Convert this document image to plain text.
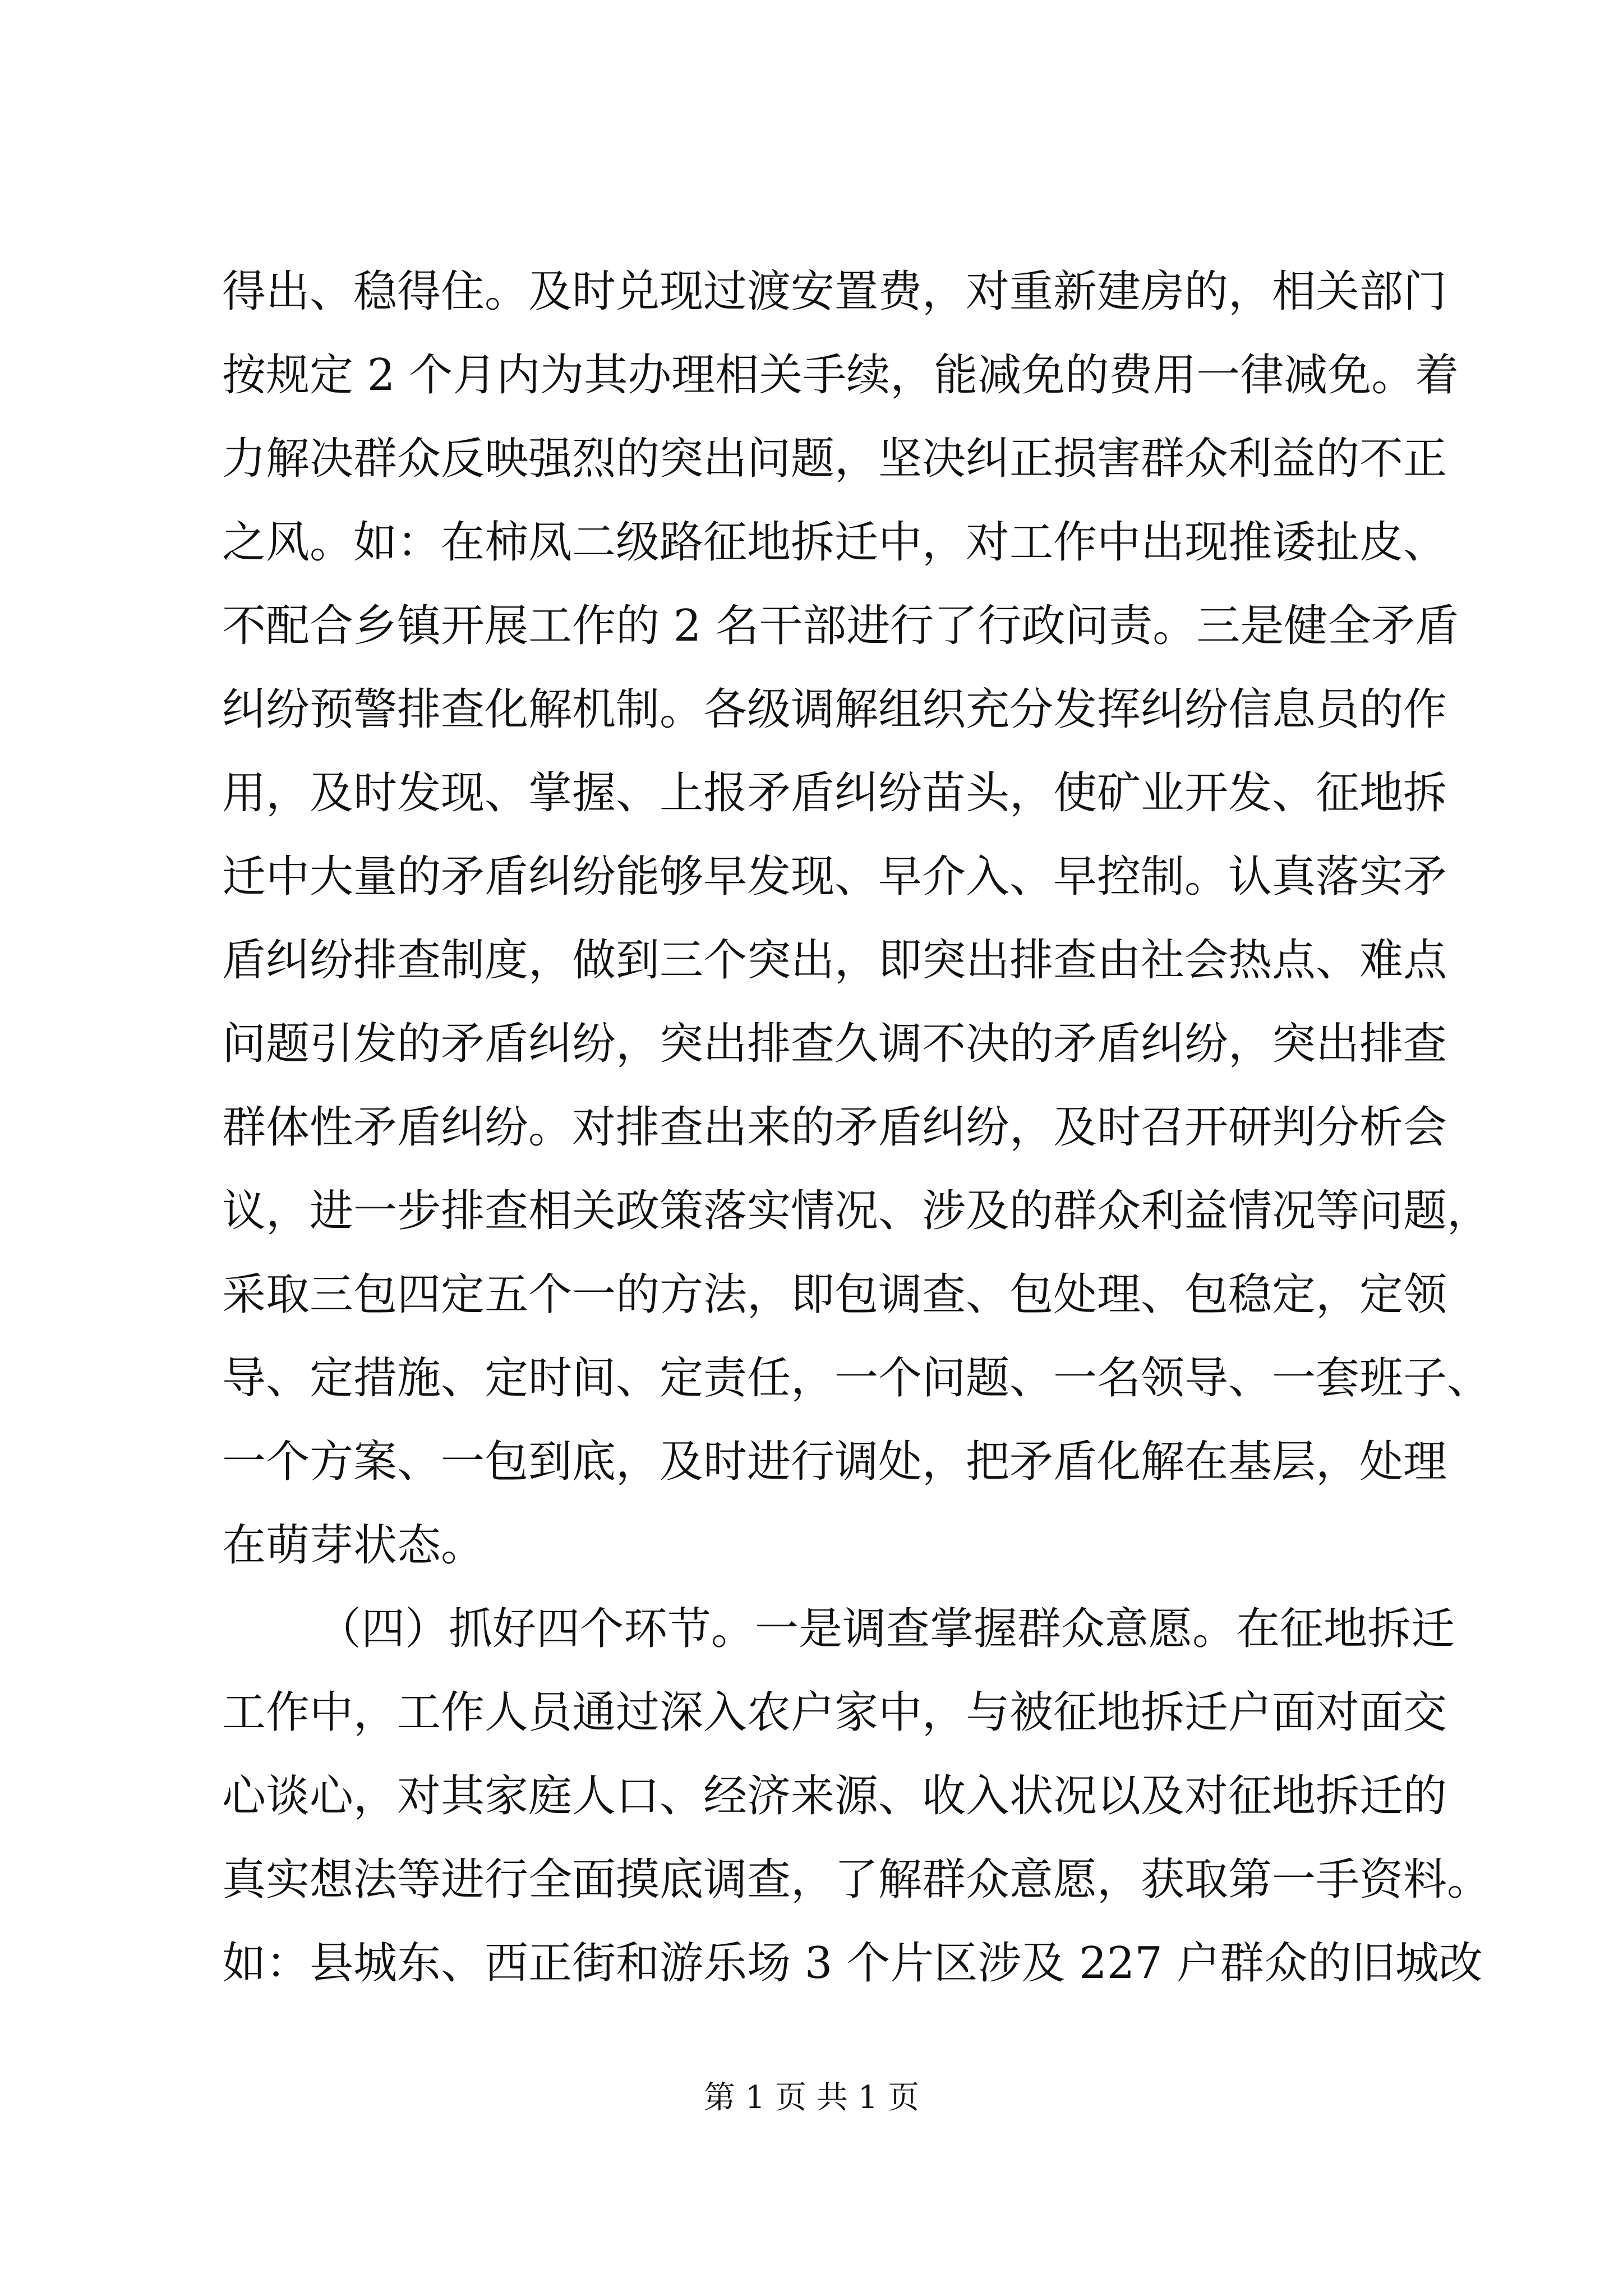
得出、稳得住。及时兑现过渡安置费，对重新建房的，相关部门
按规定 2 个月内为其办理相关手续，能减免的费用一律减免。着
力解决群众反映强烈的突出问题，坚决纠正损害群众利益的不正
之风。如：在柿凤二级路征地拆迁中，对工作中出现推诿扯皮、
不配合乡镇开展工作的 2 名干部进行了行政问责。三是健全矛盾
纠纷预警排查化解机制。各级调解组织充分发挥纠纷信息员的作
用，及时发现、掌握、上报矛盾纠纷苗头，使矿业开发、征地拆
迁中大量的矛盾纠纷能够早发现、早介入、早控制。认真落实矛
盾纠纷排查制度，做到三个突出，即突出排查由社会热点、难点
问题引发的矛盾纠纷，突出排查久调不决的矛盾纠纷，突出排查
群体性矛盾纠纷。对排查出来的矛盾纠纷，及时召开研判分析会
议，进一步排查相关政策落实情况、涉及的群众利益情况等问题，
采取三包四定五个一的方法，即包调查、包处理、包稳定，定领
导、定措施、定时间、定责任，一个问题、一名领导、一套班子、
一个方案、一包到底，及时进行调处，把矛盾化解在基层，处理
在萌芽状态。
（四）抓好四个环节。一是调查掌握群众意愿。在征地拆迁
工作中，工作人员通过深入农户家中，与被征地拆迁户面对面交
心谈心，对其家庭人口、经济来源、收入状况以及对征地拆迁的
真实想法等进行全面摸底调查，了解群众意愿，获取第一手资料。
如：县城东、西正街和游乐场 3 个片区涉及 227 户群众的旧城改
第 1 页 共 1 页
